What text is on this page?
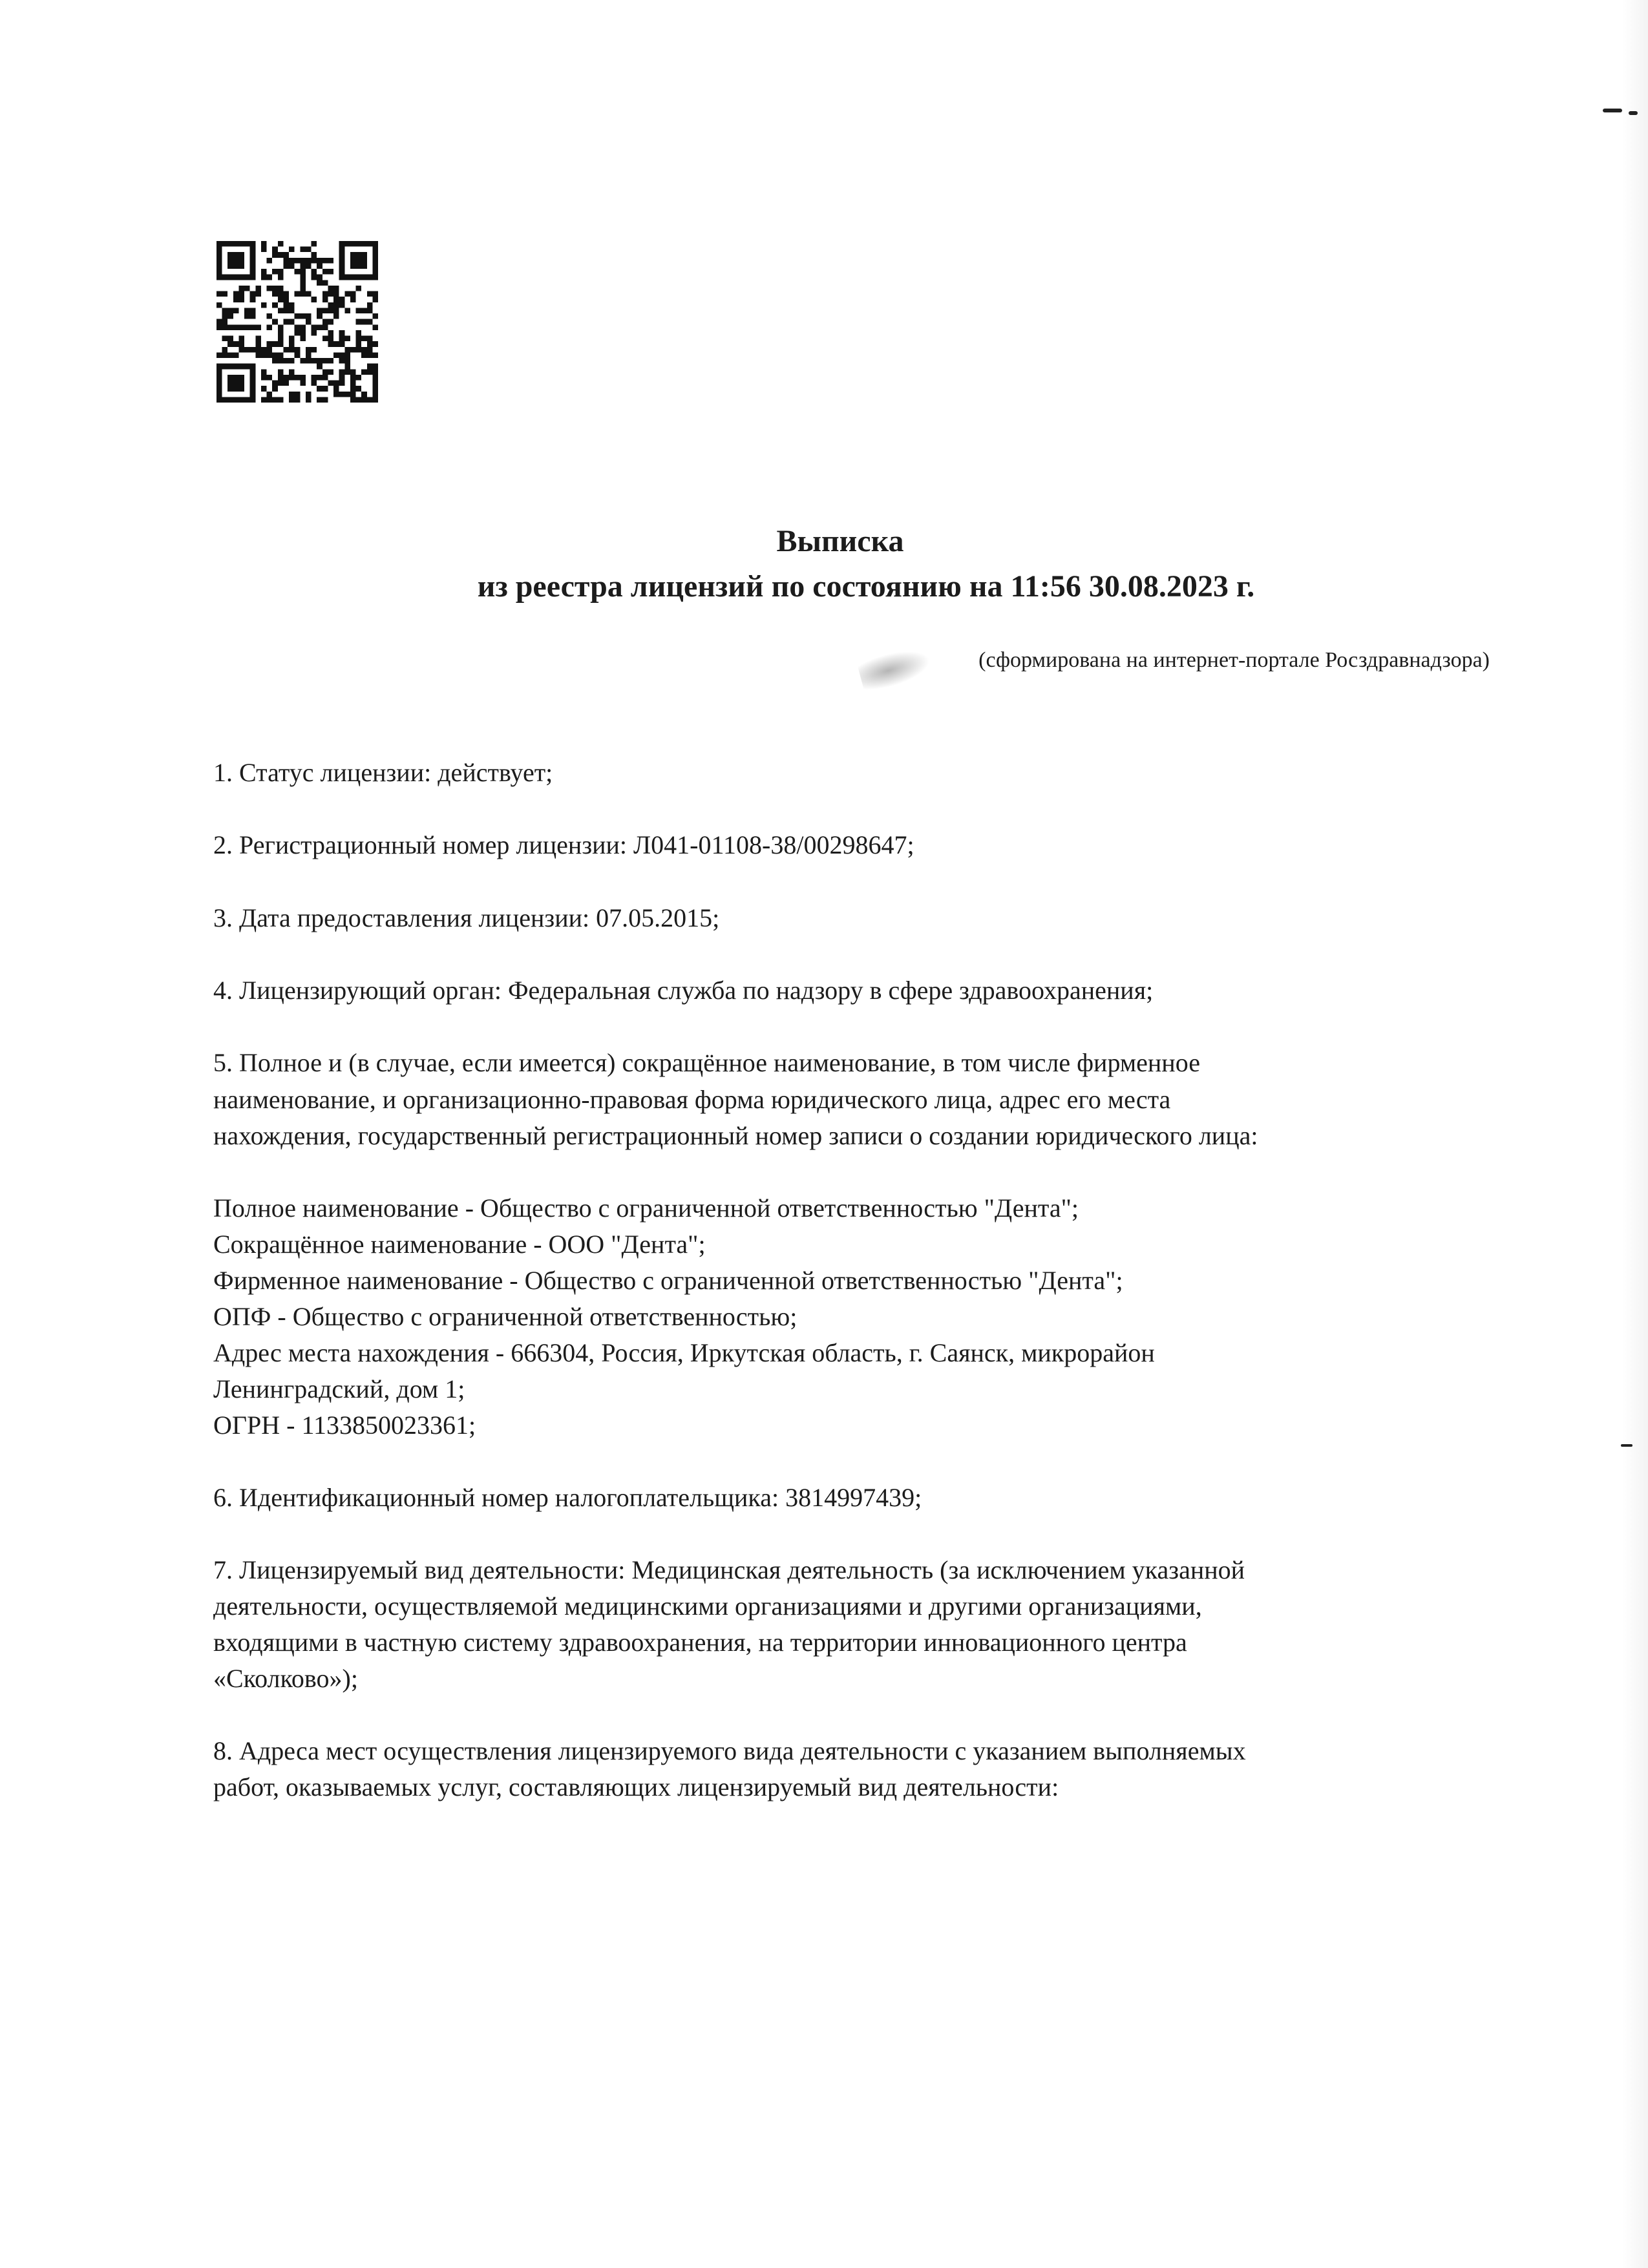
Выписка
из реестра лицензий по состоянию на 11:56 30.08.2023 г.
(сформирована на интернет-портале Росздравнадзора)
1. Статус лицензии: действует;
2. Регистрационный номер лицензии: Л041-01108-38/00298647;
3. Дата предоставления лицензии: 07.05.2015;
4. Лицензирующий орган: Федеральная служба по надзору в сфере здравоохранения;
5. Полное и (в случае, если имеется) сокращённое наименование, в том числе фирменное
наименование, и организационно-правовая форма юридического лица, адрес его места
нахождения, государственный регистрационный номер записи о создании юридического лица:
Полное наименование - Общество с ограниченной ответственностью "Дента";
Сокращённое наименование - ООО "Дента";
Фирменное наименование - Общество с ограниченной ответственностью "Дента";
ОПФ - Общество с ограниченной ответственностью;
Адрес места нахождения - 666304, Россия, Иркутская область, г. Саянск, микрорайон
Ленинградский, дом 1;
ОГРН - 1133850023361;
6. Идентификационный номер налогоплательщика: 3814997439;
7. Лицензируемый вид деятельности: Медицинская деятельность (за исключением указанной
деятельности, осуществляемой медицинскими организациями и другими организациями,
входящими в частную систему здравоохранения, на территории инновационного центра
«Сколково»);
8. Адреса мест осуществления лицензируемого вида деятельности с указанием выполняемых
работ, оказываемых услуг, составляющих лицензируемый вид деятельности:
